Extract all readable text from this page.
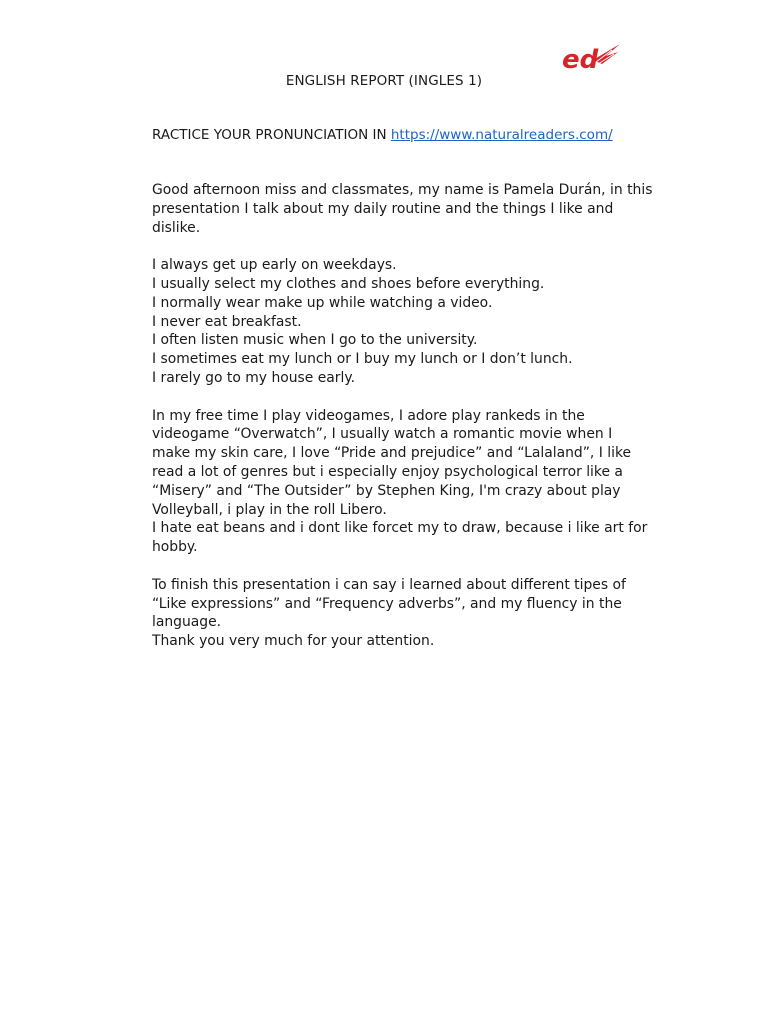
ed
ENGLISH REPORT (INGLES 1)
RACTICE YOUR PRONUNCIATION IN https://www.naturalreaders.com/

Good afternoon miss and classmates, my name is Pamela Durán, in this

presentation I talk about my daily routine and the things I like and

dislike.

I always get up early on weekdays.

I usually select my clothes and shoes before everything.

I normally wear make up while watching a video.

I never eat breakfast.

I often listen music when I go to the university.

I sometimes eat my lunch or I buy my lunch or I don’t lunch.

I rarely go to my house early.

In my free time I play videogames, I adore play rankeds in the

videogame “Overwatch”, I usually watch a romantic movie when I

make my skin care, I love “Pride and prejudice” and “Lalaland”, I like

read a lot of genres but i especially enjoy psychological terror like a

“Misery” and “The Outsider” by Stephen King, I'm crazy about play

Volleyball, i play in the roll Libero.

I hate eat beans and i dont like forcet my to draw, because i like art for

hobby.

To finish this presentation i can say i learned about different tipes of

“Like expressions” and “Frequency adverbs”, and my fluency in the

language.

Thank you very much for your attention.
